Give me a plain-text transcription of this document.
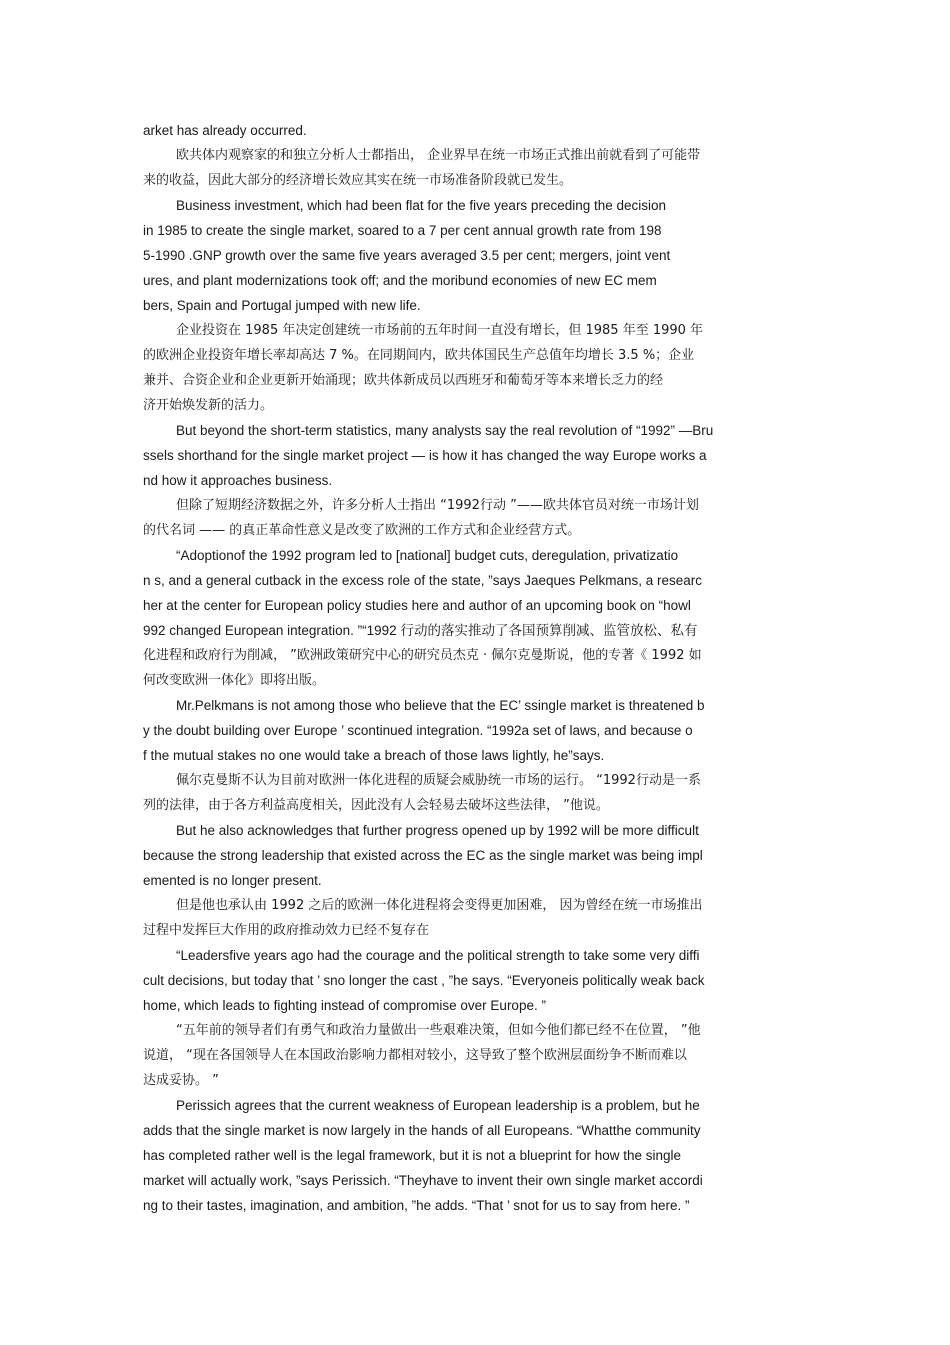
arket has already occurred.
欧共体内观察家的和独立分析人士都指出， 企业界早在统一市场正式推出前就看到了可能带
来的收益，因此大部分的经济增长效应其实在统一市场准备阶段就已发生。
Business investment, which had been flat for the five years preceding the decision
in 1985 to create the single market, soared to a 7 per cent annual growth rate from 198
5-1990 .GNP growth over the same five years averaged 3.5 per cent; mergers, joint vent
ures, and plant modernizations took off; and the moribund economies of new EC mem
bers, Spain and Portugal jumped with new life.
企业投资在 1985 年决定创建统一市场前的五年时间一直没有增长，但 1985 年至 1990 年
的欧洲企业投资年增长率却高达 7 %。在同期间内，欧共体国民生产总值年均增长 3.5 %；企业
兼并、合资企业和企业更新开始涌现；欧共体新成员以西班牙和葡萄牙等本来增长乏力的经
济开始焕发新的活力。
But beyond the short-term statistics, many analysts say the real revolution of “1992” —Bru
ssels shorthand for the single market project — is how it has changed the way Europe works a
nd how it approaches business.
但除了短期经济数据之外，许多分析人士指出 “1992行动 ”——欧共体官员对统一市场计划
的代名词 —— 的真正革命性意义是改变了欧洲的工作方式和企业经营方式。
“Adoptionof the 1992 program led to [national] budget cuts, deregulation, privatizatio
n s, and a general cutback in the excess role of the state, ”says Jaeques Pelkmans, a researc
her at the center for European policy studies here and author of an upcoming book on “howl
992 changed European integration. ”“1992 行动的落实推动了各国预算削减、监管放松、私有
化进程和政府行为削减， ”欧洲政策研究中心的研究员杰克 · 佩尔克曼斯说，他的专著《 1992 如
何改变欧洲一体化》即将出版。
Mr.Pelkmans is not among those who believe that the EC’ ssingle market is threatened b
y the doubt building over Europe ’ scontinued integration. “1992a set of laws, and because o
f the mutual stakes no one would take a breach of those laws lightly, he”says.
佩尔克曼斯不认为目前对欧洲一体化进程的质疑会威胁统一市场的运行。 “1992行动是一系
列的法律，由于各方利益高度相关，因此没有人会轻易去破坏这些法律， ”他说。
But he also acknowledges that further progress opened up by 1992 will be more difficult
because the strong leadership that existed across the EC as the single market was being impl
emented is no longer present.
但是他也承认由 1992 之后的欧洲一体化进程将会变得更加困难， 因为曾经在统一市场推出
过程中发挥巨大作用的政府推动效力已经不复存在
“Leadersfive years ago had the courage and the political strength to take some very diffi
cult decisions, but today that ’ sno longer the cast , ”he says. “Everyoneis politically weak back
home, which leads to fighting instead of compromise over Europe. ”
“五年前的领导者们有勇气和政治力量做出一些艰难决策，但如今他们都已经不在位置， ”他
说道， “现在各国领导人在本国政治影响力都相对较小，这导致了整个欧洲层面纷争不断而难以
达成妥协。 ”
Perissich agrees that the current weakness of European leadership is a problem, but he
adds that the single market is now largely in the hands of all Europeans. “Whatthe community
has completed rather well is the legal framework, but it is not a blueprint for how the single
market will actually work, ”says Perissich. “Theyhave to invent their own single market accordi
ng to their tastes, imagination, and ambition, ”he adds. “That ’ snot for us to say from here. ”
